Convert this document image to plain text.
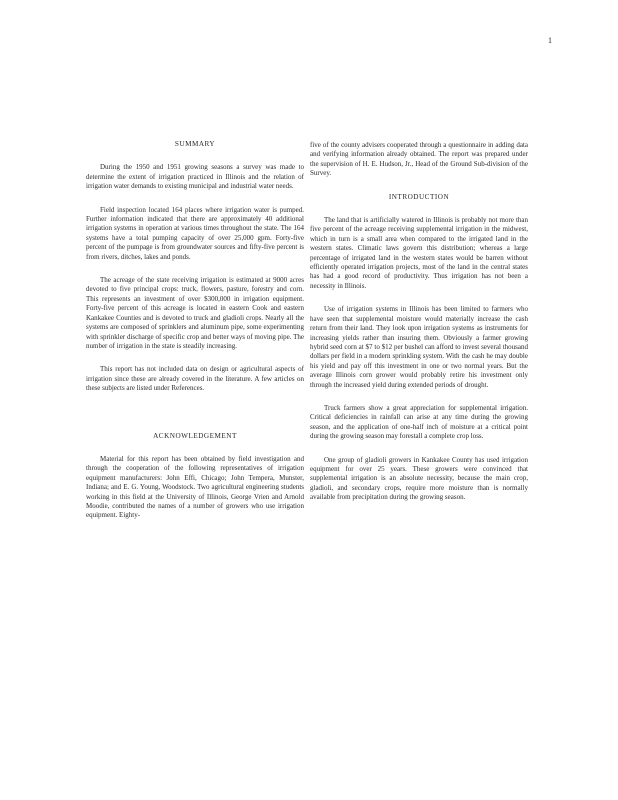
1
SUMMARY

During the 1950 and 1951 growing seasons a survey was made to determine the extent of irrigation practiced in Illinois and the relation of irrigation water demands to existing municipal and industrial water needs.

Field inspection located 164 places where irrigation water is pumped. Further information indicated that there are approximately 40 additional irrigation systems in operation at various times throughout the state. The 164 systems have a total pumping capacity of over 25,000 gpm. Forty-five percent of the pumpage is from groundwater sources and fifty-five percent is from rivers, ditches, lakes and ponds.

The acreage of the state receiving irrigation is estimated at 9000 acres devoted to five principal crops: truck, flowers, pasture, forestry and corn. This represents an investment of over $300,000 in irrigation equipment. Forty-five percent of this acreage is located in eastern Cook and eastern Kankakee Counties and is devoted to truck and gladioli crops. Nearly all the systems are composed of sprinklers and aluminum pipe, some experimenting with sprinkler discharge of specific crop and better ways of moving pipe. The number of irrigation in the state is steadily increasing.

This report has not included data on design or agricultural aspects of irrigation since these are already covered in the literature. A few articles on these subjects are listed under References.

ACKNOWLEDGEMENT

Material for this report has been obtained by field investigation and through the cooperation of the following representatives of irrigation equipment manufacturers: John Effi, Chicago; John Tempera, Munster, Indiana; and E. G. Young, Woodstock. Two agricultural engineering students working in this field at the University of Illinois, George Vrien and Arnold Moodie, contributed the names of a number of growers who use irrigation equipment. Eighty-

five of the county advisers cooperated through a questionnaire in adding data and verifying information already obtained. The report was prepared under the supervision of H. E. Hudson, Jr., Head of the Ground Sub-division of the Survey.

INTRODUCTION

The land that is artificially watered in Illinois is probably not more than five percent of the acreage receiving supplemental irrigation in the midwest, which in turn is a small area when compared to the irrigated land in the western states. Climatic laws govern this distribution; whereas a large percentage of irrigated land in the western states would be barren without efficiently operated irrigation projects, most of the land in the central states has had a good record of productivity. Thus irrigation has not been a necessity in Illinois.

Use of irrigation systems in Illinois has been limited to farmers who have seen that supplemental moisture would materially increase the cash return from their land. They look upon irrigation systems as instruments for increasing yields rather than insuring them. Obviously a farmer growing hybrid seed corn at $7 to $12 per bushel can afford to invest several thousand dollars per field in a modern sprinkling system. With the cash he may double his yield and pay off this investment in one or two normal years. But the average Illinois corn grower would probably retire his investment only through the increased yield during extended periods of drought.

Truck farmers show a great appreciation for supplemental irrigation. Critical deficiencies in rainfall can arise at any time during the growing season, and the application of one-half inch of moisture at a critical point during the growing season may forestall a complete crop loss.

One group of gladioli growers in Kankakee County has used irrigation equipment for over 25 years. These growers were convinced that supplemental irrigation is an absolute necessity, because the main crop, gladioli, and secondary crops, require more moisture than is normally available from precipitation during the growing season.
